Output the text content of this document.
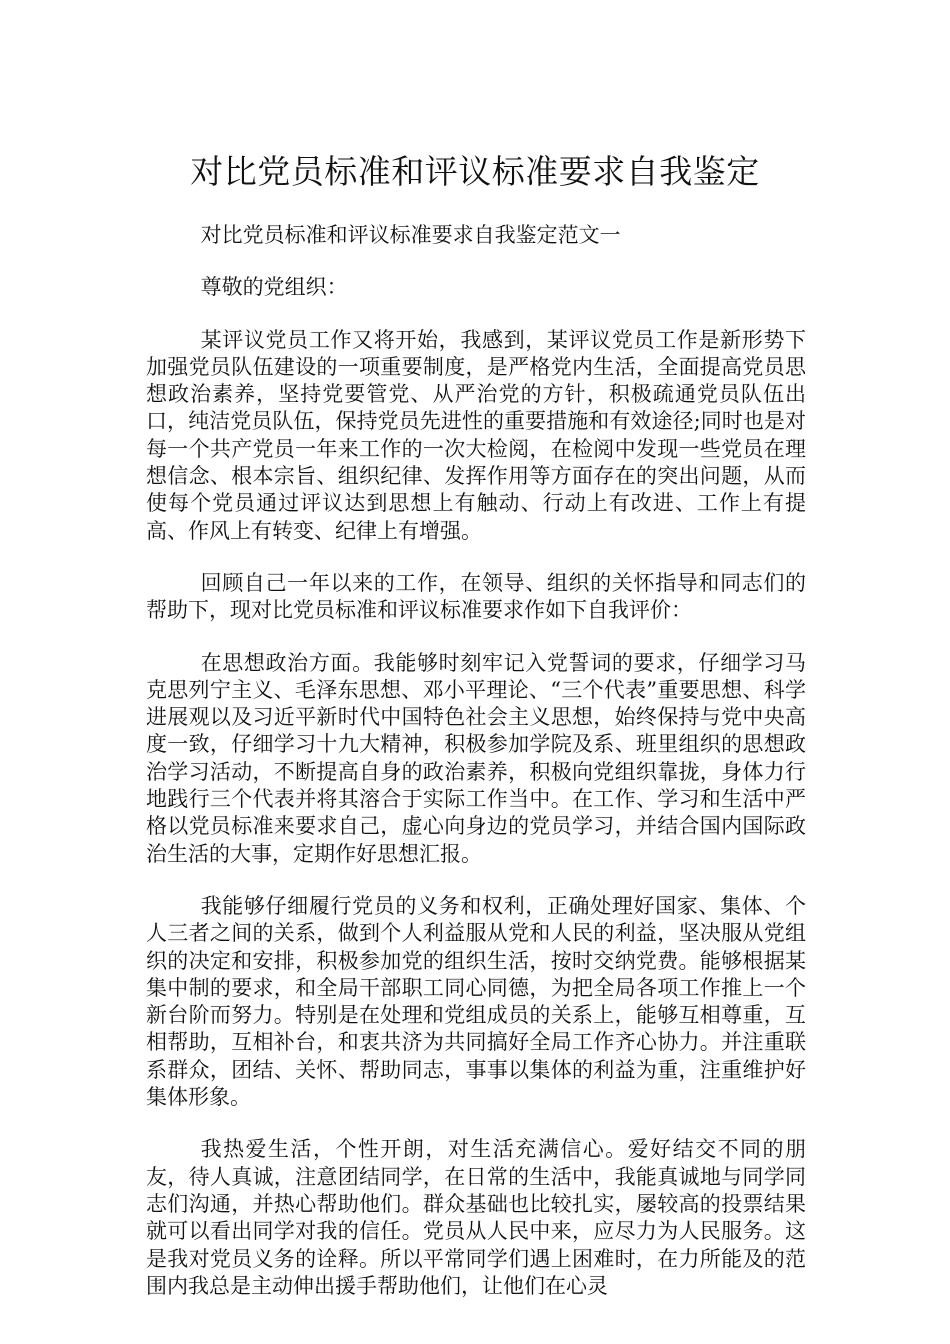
对比党员标准和评议标准要求自我鉴定

对比党员标准和评议标准要求自我鉴定范文一

尊敬的党组织：

某评议党员工作又将开始，我感到，某评议党员工作是新形势下加强党员队伍建设的一项重要制度，是严格党内生活，全面提高党员思想政治素养，坚持党要管党、从严治党的方针，积极疏通党员队伍出口，纯洁党员队伍，保持党员先进性的重要措施和有效途径;同时也是对每一个共产党员一年来工作的一次大检阅，在检阅中发现一些党员在理想信念、根本宗旨、组织纪律、发挥作用等方面存在的突出问题，从而使每个党员通过评议达到思想上有触动、行动上有改进、工作上有提高、作风上有转变、纪律上有增强。

回顾自己一年以来的工作，在领导、组织的关怀指导和同志们的帮助下，现对比党员标准和评议标准要求作如下自我评价：

在思想政治方面。我能够时刻牢记入党誓词的要求，仔细学习马克思列宁主义、毛泽东思想、邓小平理论、“三个代表”重要思想、科学进展观以及习近平新时代中国特色社会主义思想，始终保持与党中央高度一致，仔细学习十九大精神，积极参加学院及系、班里组织的思想政治学习活动，不断提高自身的政治素养，积极向党组织靠拢，身体力行地践行三个代表并将其溶合于实际工作当中。在工作、学习和生活中严格以党员标准来要求自己，虚心向身边的党员学习，并结合国内国际政治生活的大事，定期作好思想汇报。

我能够仔细履行党员的义务和权利，正确处理好国家、集体、个人三者之间的关系，做到个人利益服从党和人民的利益，坚决服从党组织的决定和安排，积极参加党的组织生活，按时交纳党费。能够根据某集中制的要求，和全局干部职工同心同德，为把全局各项工作推上一个新台阶而努力。特别是在处理和党组成员的关系上，能够互相尊重，互相帮助，互相补台，和衷共济为共同搞好全局工作齐心协力。并注重联系群众，团结、关怀、帮助同志，事事以集体的利益为重，注重维护好集体形象。

我热爱生活，个性开朗，对生活充满信心。爱好结交不同的朋友，待人真诚，注意团结同学，在日常的生活中，我能真诚地与同学同志们沟通，并热心帮助他们。群众基础也比较扎实，屡较高的投票结果就可以看出同学对我的信任。党员从人民中来，应尽力为人民服务。这是我对党员义务的诠释。所以平常同学们遇上困难时，在力所能及的范围内我总是主动伸出援手帮助他们，让他们在心灵
